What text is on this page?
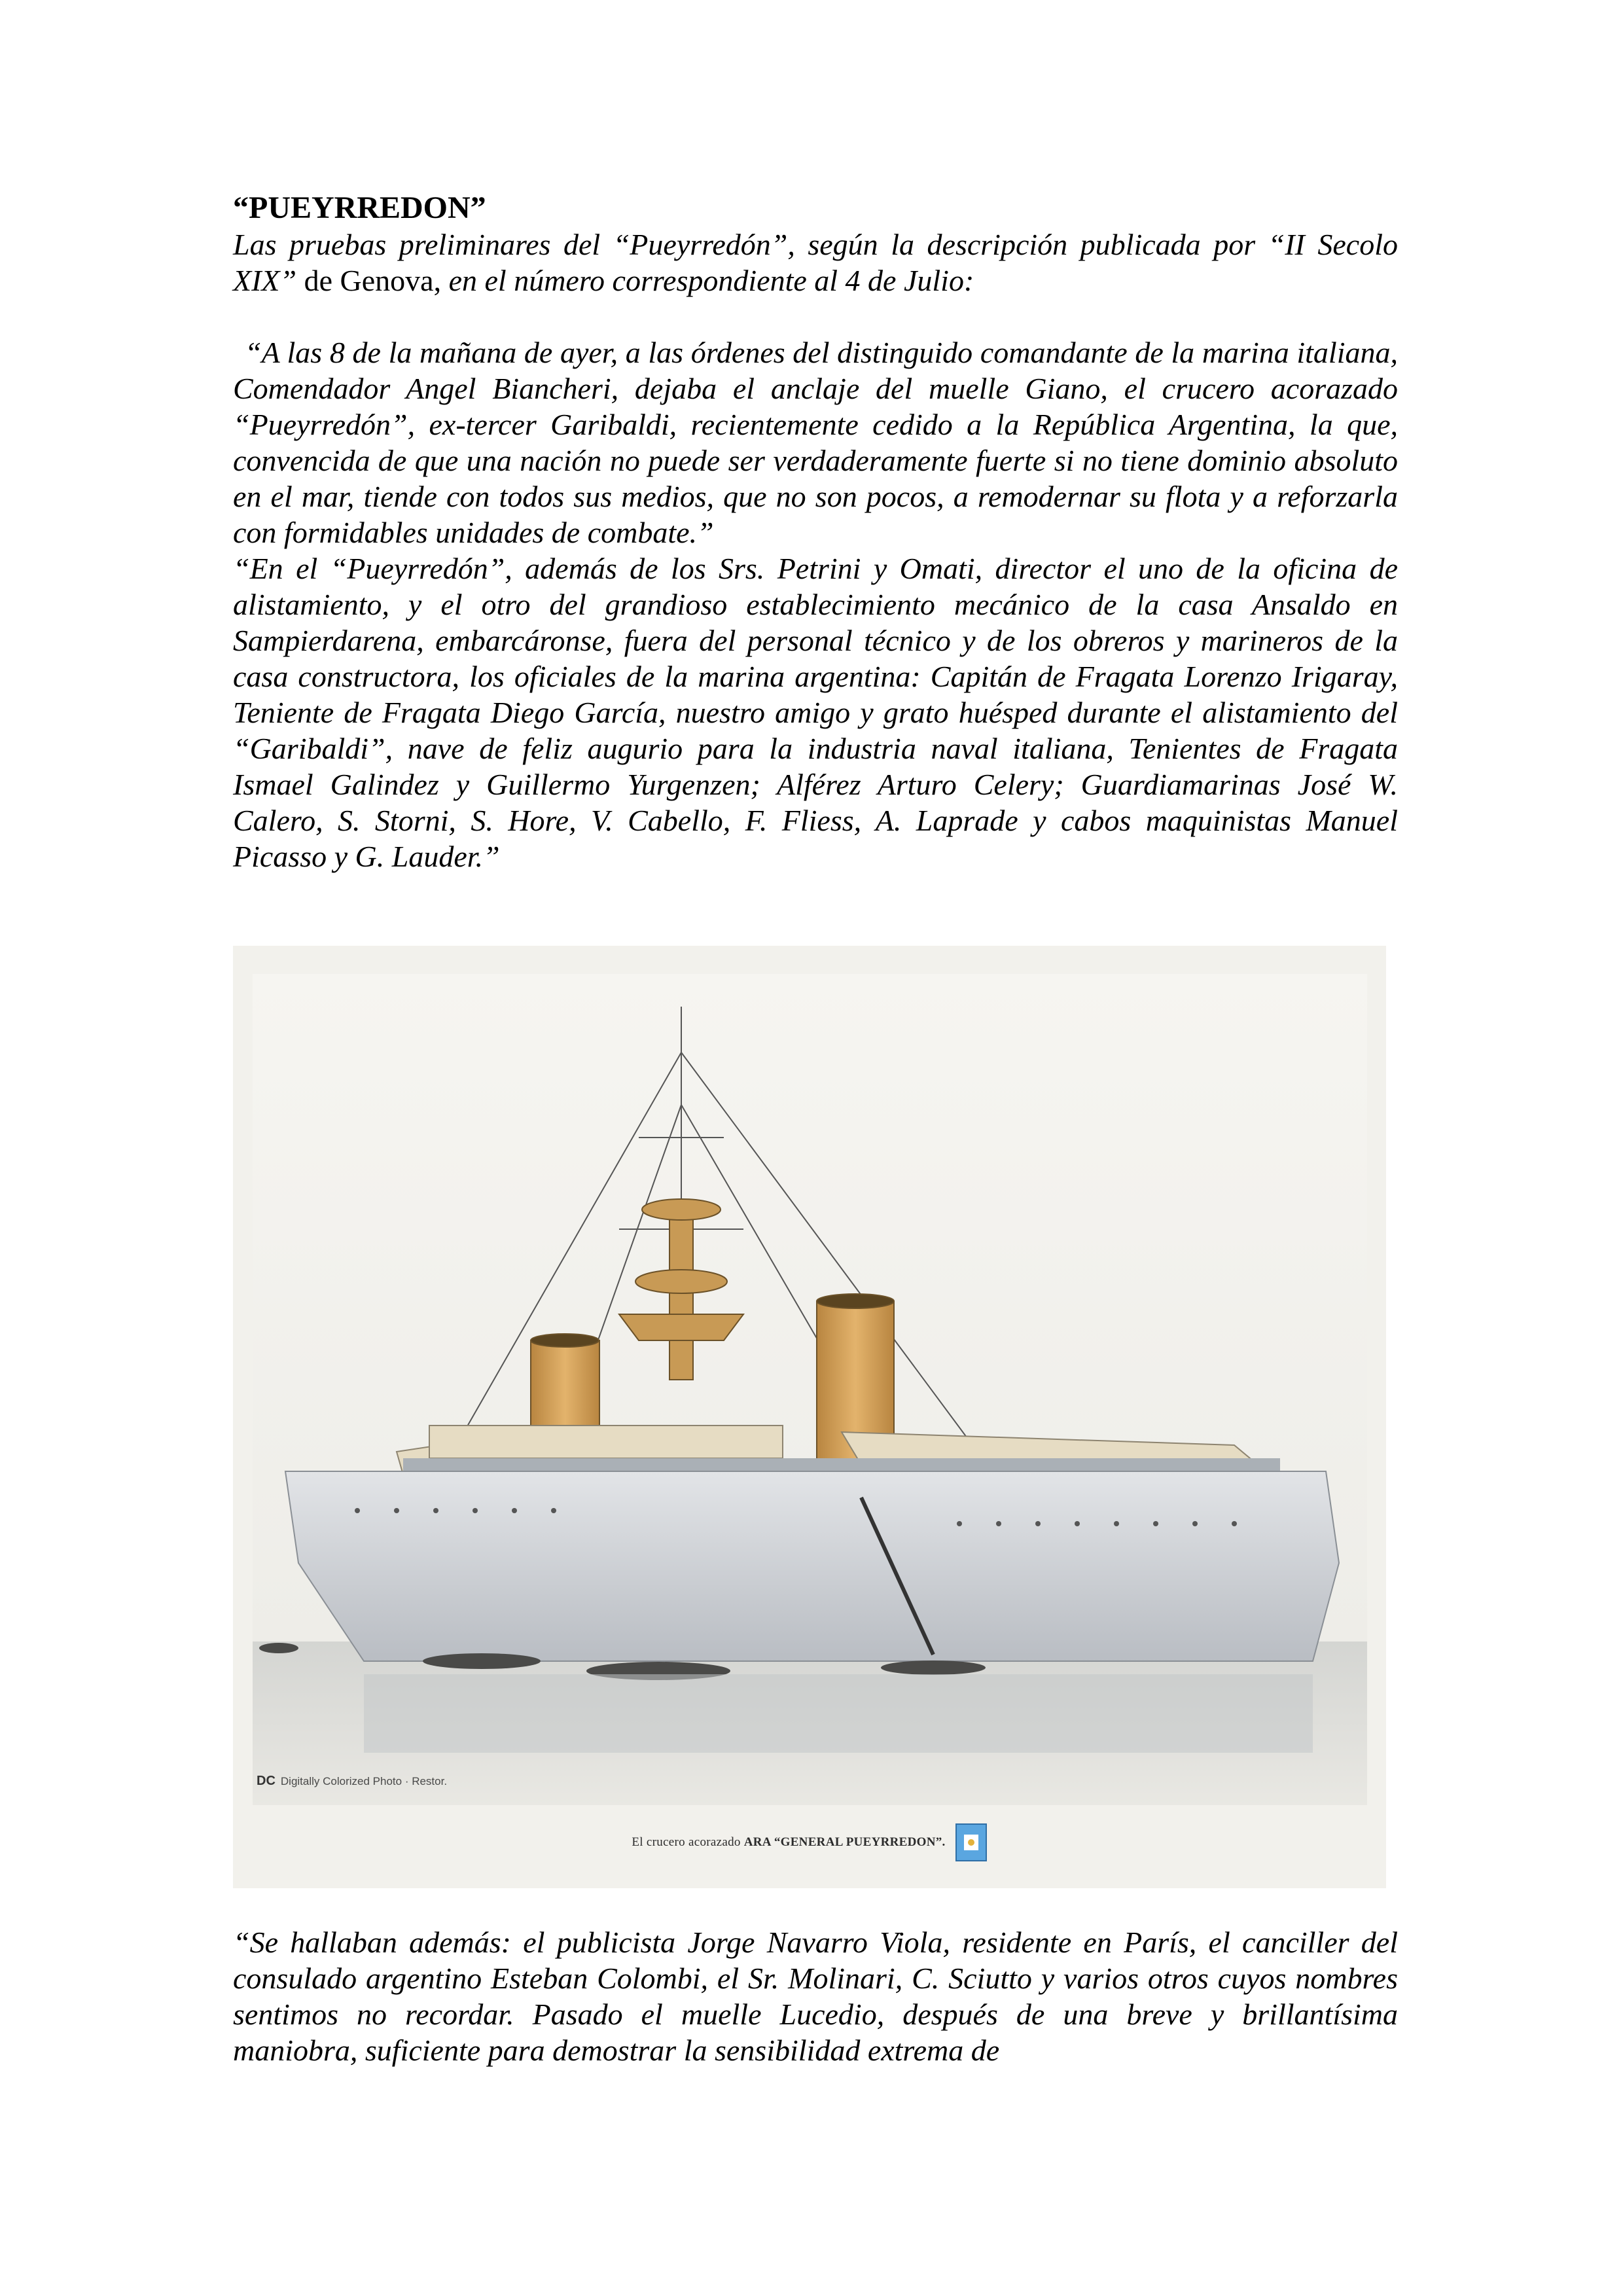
“PUEYRREDON”

Las pruebas preliminares del “Pueyrredón”, según la descripción publicada por “II Secolo XIX” de Genova, en el número correspondiente al 4 de Julio:

“A las 8 de la mañana de ayer, a las órdenes del distinguido comandante de la marina italiana, Comendador Angel Biancheri, dejaba el anclaje del muelle Giano, el crucero acorazado “Pueyrredón”, ex-tercer Garibaldi, recientemente cedido a la República Argentina, la que, convencida de que una nación no puede ser verdaderamente fuerte si no tiene dominio absoluto en el mar, tiende con todos sus medios, que no son pocos, a remodernar su flota y a reforzarla con formidables unidades de combate.”

“En el “Pueyrredón”, además de los Srs. Petrini y Omati, director el uno de la oficina de alistamiento, y el otro del grandioso establecimiento mecánico de la casa Ansaldo en Sampierdarena, embarcáronse, fuera del personal técnico y de los obreros y marineros de la casa constructora, los oficiales de la marina argentina: Capitán de Fragata Lorenzo Irigaray, Teniente de Fragata Diego García, nuestro amigo y grato huésped durante el alistamiento del “Garibaldi”, nave de feliz augurio para la industria naval italiana, Tenientes de Fragata Ismael Galindez y Guillermo Yurgenzen; Alférez Arturo Celery; Guardiamarinas José W. Calero, S. Storni, S. Hore, V. Cabello, F. Fliess, A. Laprade y cabos maquinistas Manuel Picasso y G. Lauder.”

DC Digitally Colorized Photo · Restor.
El crucero acorazado ARA “GENERAL PUEYRREDON”.

“Se hallaban además: el publicista Jorge Navarro Viola, residente en París, el canciller del consulado argentino Esteban Colombi, el Sr. Molinari, C. Sciutto y varios otros cuyos nombres sentimos no recordar. Pasado el muelle Lucedio, después de una breve y brillantísima maniobra, suficiente para demostrar la sensibilidad extrema de
